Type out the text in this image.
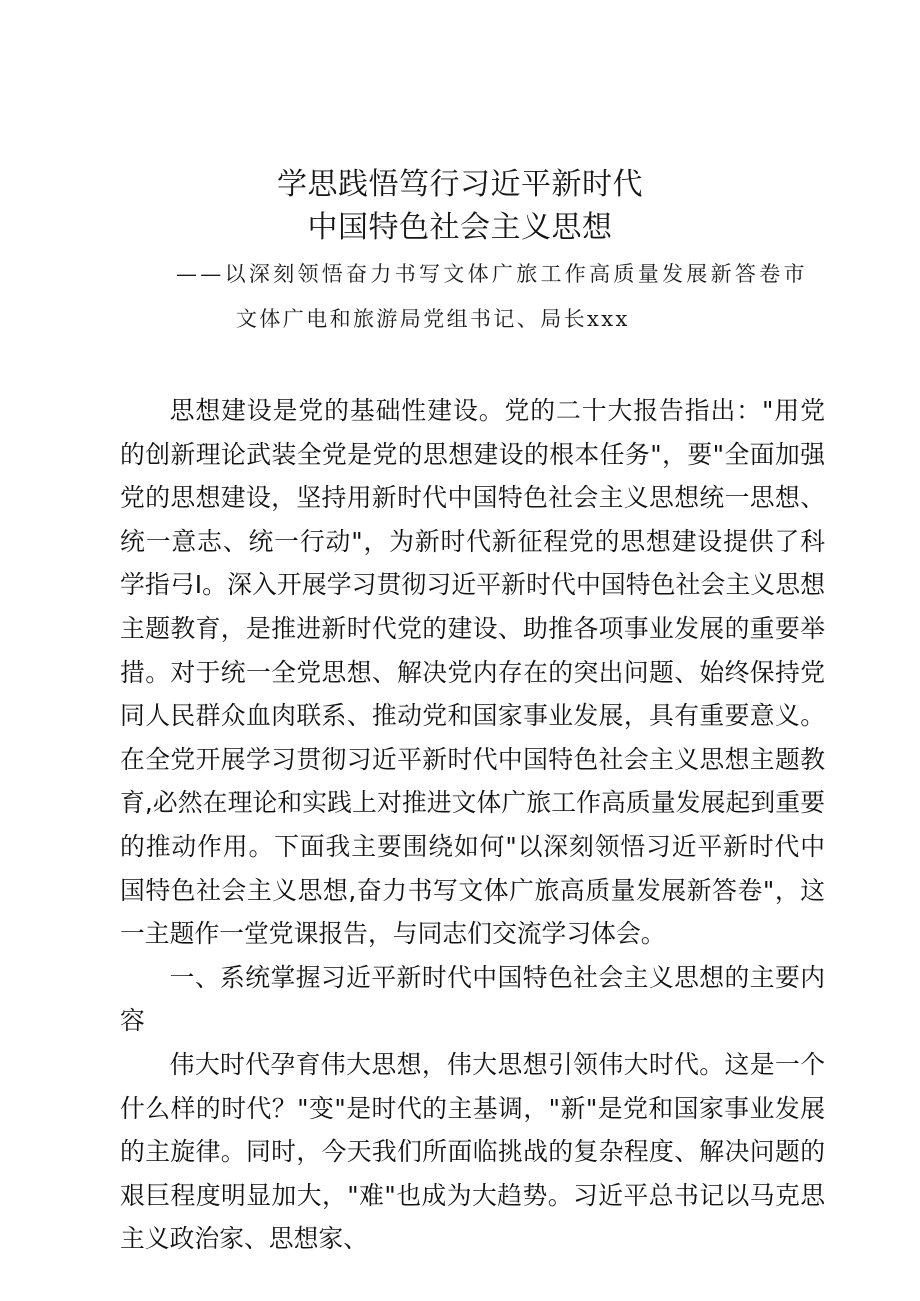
学思践悟笃行习近平新时代
中国特色社会主义思想

——以深刻领悟奋力书写文体广旅工作高质量发展新答卷市

文体广电和旅游局党组书记、局长xxx

思想建设是党的基础性建设。党的二十大报告指出："用党的创新理论武装全党是党的思想建设的根本任务"，要"全面加强党的思想建设，坚持用新时代中国特色社会主义思想统一思想、统一意志、统一行动"，为新时代新征程党的思想建设提供了科学指弓I。深入开展学习贯彻习近平新时代中国特色社会主义思想主题教育，是推进新时代党的建设、助推各项事业发展的重要举措。对于统一全党思想、解决党内存在的突出问题、始终保持党同人民群众血肉联系、推动党和国家事业发展，具有重要意义。在全党开展学习贯彻习近平新时代中国特色社会主义思想主题教育,必然在理论和实践上对推进文体广旅工作高质量发展起到重要的推动作用。下面我主要围绕如何"以深刻领悟习近平新时代中国特色社会主义思想,奋力书写文体广旅高质量发展新答卷"，这一主题作一堂党课报告，与同志们交流学习体会。

一、系统掌握习近平新时代中国特色社会主义思想的主要内容

伟大时代孕育伟大思想，伟大思想引领伟大时代。这是一个什么样的时代？"变"是时代的主基调，"新"是党和国家事业发展的主旋律。同时，今天我们所面临挑战的复杂程度、解决问题的艰巨程度明显加大，"难"也成为大趋势。习近平总书记以马克思主义政治家、思想家、
